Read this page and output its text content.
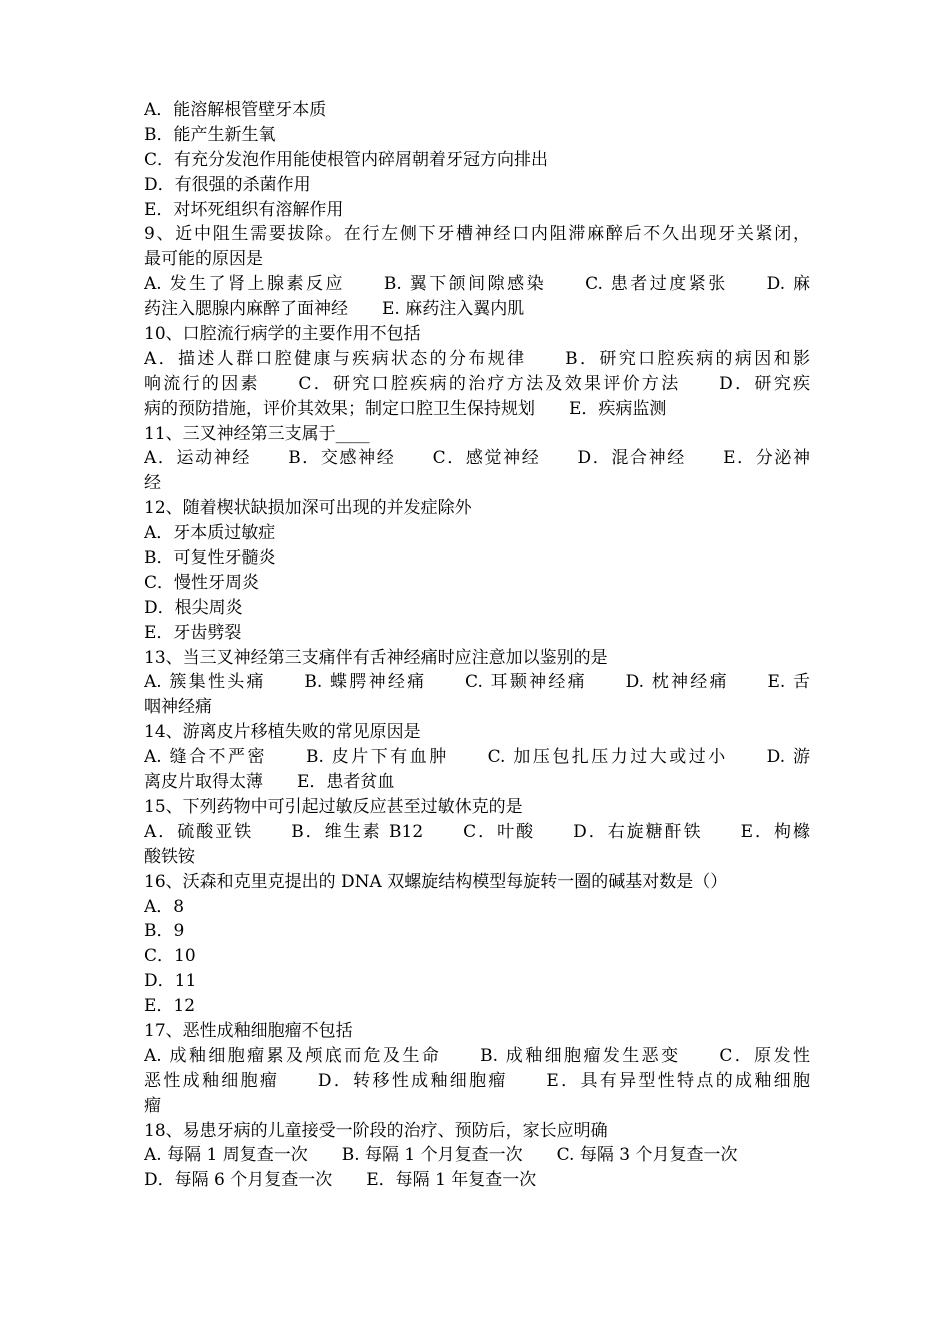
A．能溶解根管壁牙本质
B．能产生新生氧
C．有充分发泡作用能使根管内碎屑朝着牙冠方向排出
D．有很强的杀菌作用
E．对坏死组织有溶解作用
9、近中阻生需要拔除。在行左侧下牙槽神经口内阻滞麻醉后不久出现牙关紧闭，
最可能的原因是
A. 发生了肾上腺素反应　　B. 翼下颌间隙感染　　C. 患者过度紧张　　D. 麻
药注入腮腺内麻醉了面神经　　E. 麻药注入翼内肌
10、口腔流行病学的主要作用不包括
A．描述人群口腔健康与疾病状态的分布规律　　B．研究口腔疾病的病因和影
响流行的因素　　C．研究口腔疾病的治疗方法及效果评价方法　　D．研究疾
病的预防措施，评价其效果；制定口腔卫生保持规划　　E．疾病监测
11、三叉神经第三支属于____
A．运动神经　　B．交感神经　　C．感觉神经　　D．混合神经　　E．分泌神
经
12、随着楔状缺损加深可出现的并发症除外
A．牙本质过敏症
B．可复性牙髓炎
C．慢性牙周炎
D．根尖周炎
E．牙齿劈裂
13、当三叉神经第三支痛伴有舌神经痛时应注意加以鉴别的是
A. 簇集性头痛　　B. 蝶腭神经痛　　C. 耳颞神经痛　　D. 枕神经痛　　E. 舌
咽神经痛
14、游离皮片移植失败的常见原因是
A. 缝合不严密　　B. 皮片下有血肿　　C. 加压包扎压力过大或过小　　D. 游
离皮片取得太薄　　E．患者贫血
15、下列药物中可引起过敏反应甚至过敏休克的是
A．硫酸亚铁　　B．维生素 B12　　C．叶酸　　D．右旋糖酐铁　　E．枸橼
酸铁铵
16、沃森和克里克提出的 DNA 双螺旋结构模型每旋转一圈的碱基对数是（）
A．8
B．9
C．10
D．11
E．12
17、恶性成釉细胞瘤不包括
A. 成釉细胞瘤累及颅底而危及生命　　B. 成釉细胞瘤发生恶变　　C．原发性
恶性成釉细胞瘤　　D．转移性成釉细胞瘤　　E．具有异型性特点的成釉细胞
瘤
18、易患牙病的儿童接受一阶段的治疗、预防后，家长应明确
A. 每隔 1 周复查一次　　B. 每隔 1 个月复查一次　　C. 每隔 3 个月复查一次
D．每隔 6 个月复查一次　　E．每隔 1 年复查一次
